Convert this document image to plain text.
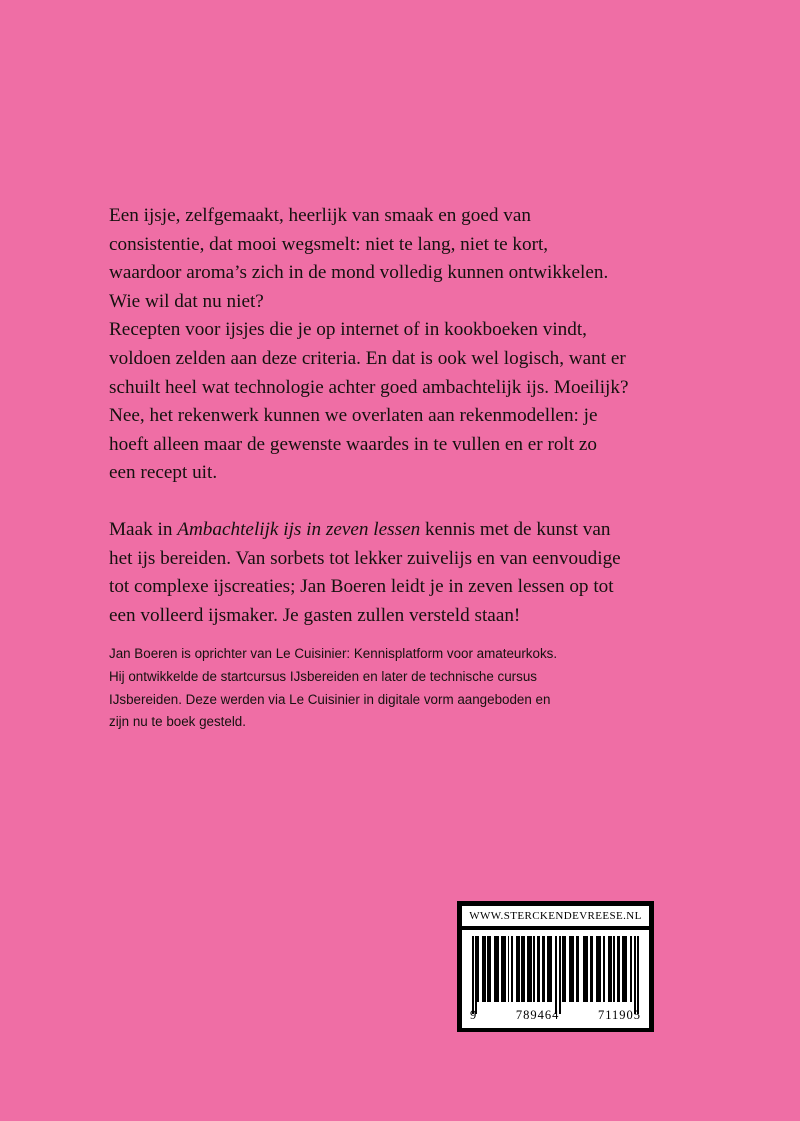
Een ijsje, zelfgemaakt, heerlijk van smaak en goed van

consistentie, dat mooi wegsmelt: niet te lang, niet te kort,

waardoor aroma’s zich in de mond volledig kunnen ontwikkelen.

Wie wil dat nu niet?

Recepten voor ijsjes die je op internet of in kookboeken vindt,

voldoen zelden aan deze criteria. En dat is ook wel logisch, want er

schuilt heel wat technologie achter goed ambachtelijk ijs. Moeilijk?

Nee, het rekenwerk kunnen we overlaten aan rekenmodellen: je

hoeft alleen maar de gewenste waardes in te vullen en er rolt zo

een recept uit.

Maak in Ambachtelijk ijs in zeven lessen kennis met de kunst van

het ijs bereiden. Van sorbets tot lekker zuivelijs en van eenvoudige

tot complexe ijscreaties; Jan Boeren leidt je in zeven lessen op tot

een volleerd ijsmaker. Je gasten zullen versteld staan!

Jan Boeren is oprichter van Le Cuisinier: Kennisplatform voor amateurkoks.

Hij ontwikkelde de startcursus IJsbereiden en later de technische cursus

IJsbereiden. Deze werden via Le Cuisinier in digitale vorm aangeboden en

zijn nu te boek gesteld.

WWW.STERCKENDEVREESE.NL
9	789464	711905
